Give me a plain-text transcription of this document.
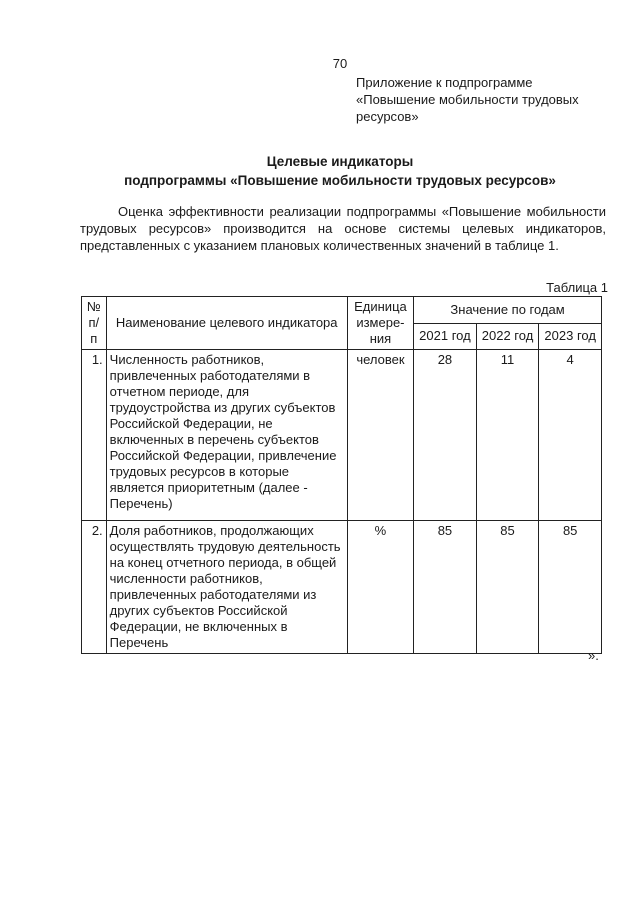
70
Приложение к подпрограмме
«Повышение мобильности трудовых
ресурсов»
Целевые индикаторы
подпрограммы «Повышение мобильности трудовых ресурсов»
Оценка эффективности реализации подпрограммы «Повышение мобильности трудовых ресурсов» производится на основе системы целевых индикаторов, представленных с указанием плановых количественных значений в таблице 1.
Таблица 1
№ п/п	Наименование целевого индикатора	Единица измере-ния	Значение по годам		
			2021 год	2022 год	2023 год
1.	Численность работников, привлеченных работодателями в отчетном периоде, для трудоустройства из других субъектов Российской Федерации, не включенных в перечень субъектов Российской Федерации, привлечение трудовых ресурсов в которые является приоритетным (далее - Перечень)	человек	28	11	4
2.	Доля работников, продолжающих осуществлять трудовую деятельность на конец отчетного периода, в общей численности работников, привлеченных работодателями из других субъектов Российской Федерации, не включенных в Перечень	%	85	85	85
».
